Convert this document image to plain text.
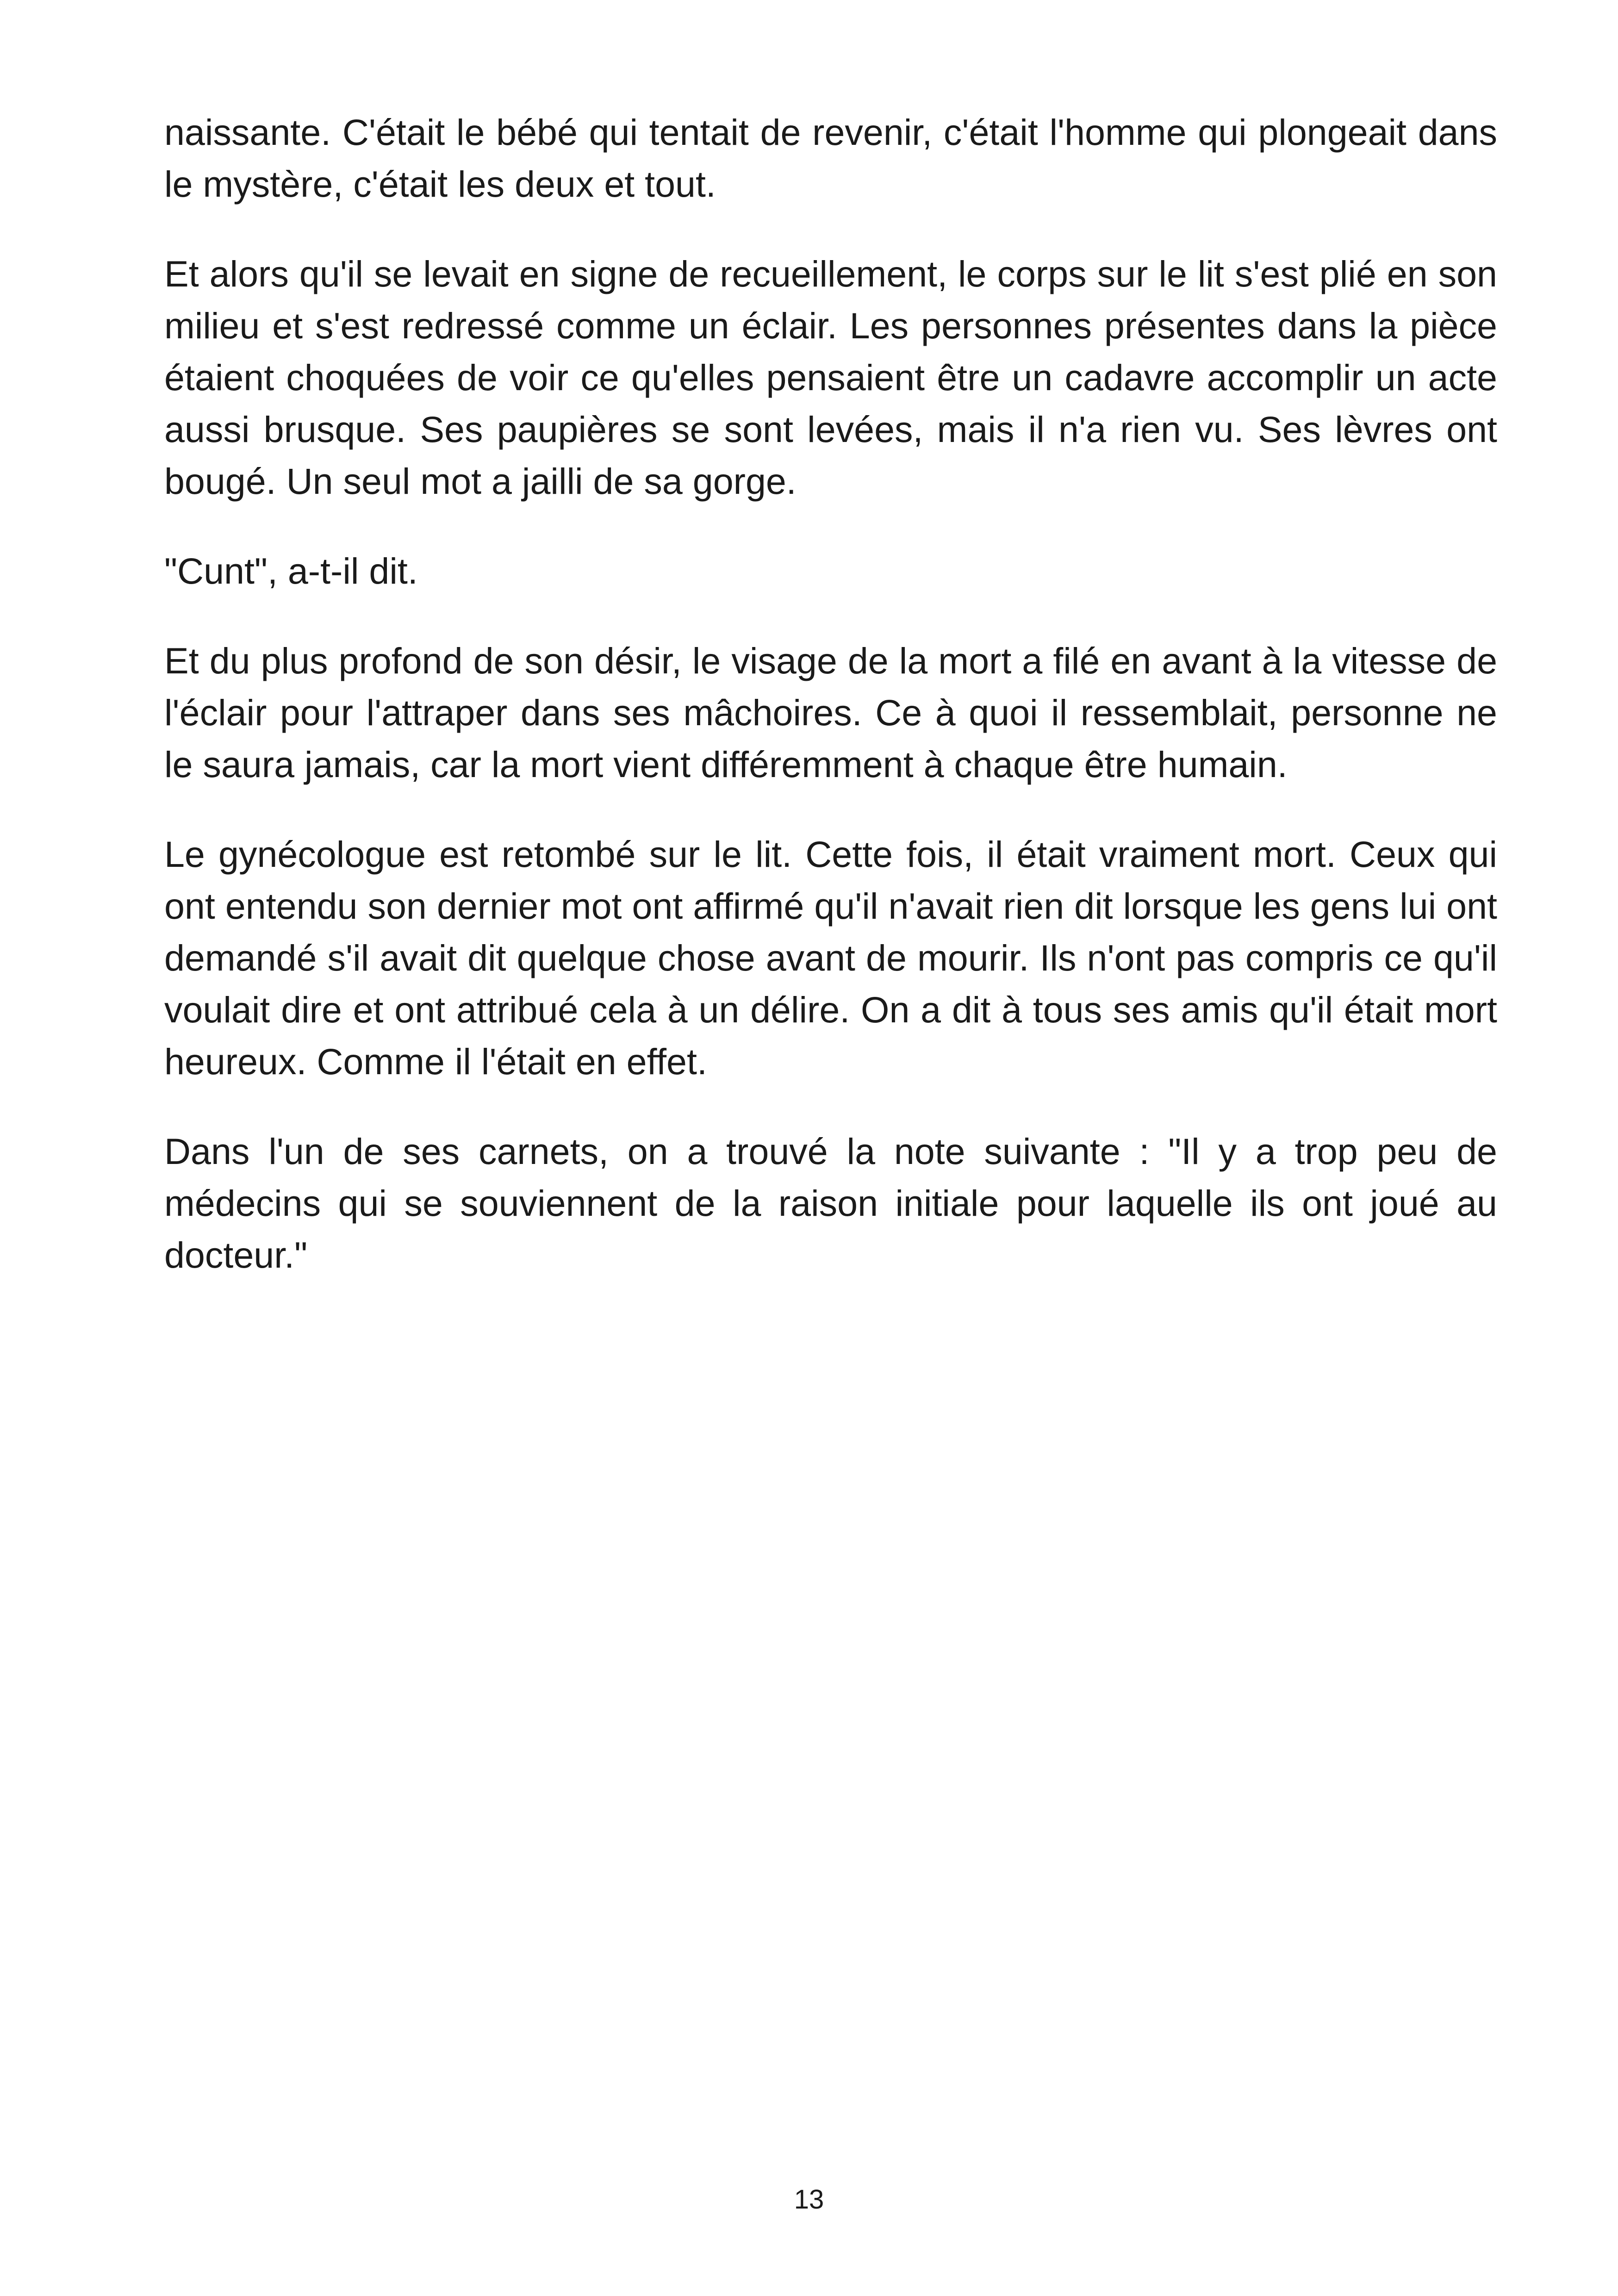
naissante. C'était le bébé qui tentait de revenir, c'était l'homme qui plongeait dans le mystère, c'était les deux et tout.

Et alors qu'il se levait en signe de recueillement, le corps sur le lit s'est plié en son milieu et s'est redressé comme un éclair. Les personnes présentes dans la pièce étaient choquées de voir ce qu'elles pensaient être un cadavre accomplir un acte aussi brusque. Ses paupières se sont levées, mais il n'a rien vu. Ses lèvres ont bougé. Un seul mot a jailli de sa gorge.

"Cunt", a-t-il dit.

Et du plus profond de son désir, le visage de la mort a filé en avant à la vitesse de l'éclair pour l'attraper dans ses mâchoires. Ce à quoi il ressemblait, personne ne le saura jamais, car la mort vient différemment à chaque être humain.

Le gynécologue est retombé sur le lit. Cette fois, il était vraiment mort. Ceux qui ont entendu son dernier mot ont affirmé qu'il n'avait rien dit lorsque les gens lui ont demandé s'il avait dit quelque chose avant de mourir. Ils n'ont pas compris ce qu'il voulait dire et ont attribué cela à un délire. On a dit à tous ses amis qu'il était mort heureux. Comme il l'était en effet.

Dans l'un de ses carnets, on a trouvé la note suivante : "Il y a trop peu de médecins qui se souviennent de la raison initiale pour laquelle ils ont joué au docteur."

13
